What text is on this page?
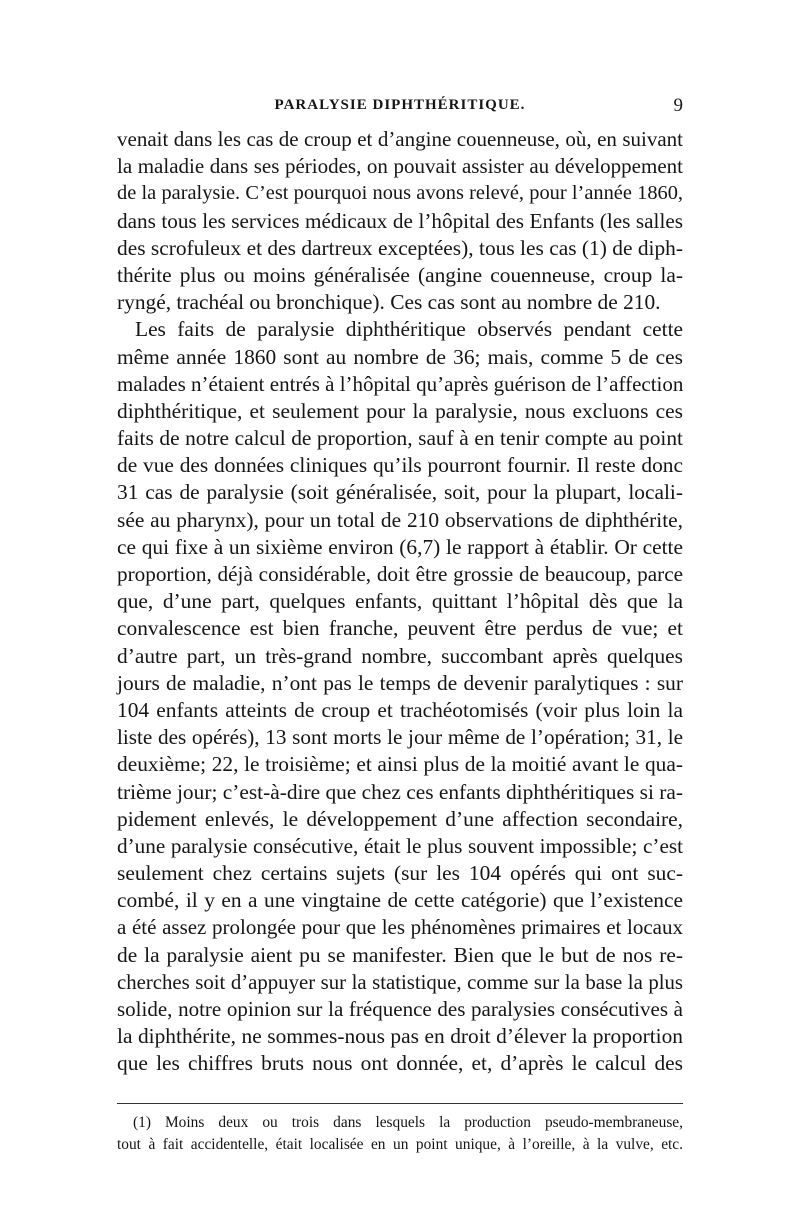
PARALYSIE DIPHTHÉRITIQUE.	9
venait dans les cas de croup et d’angine couenneuse, où, en suivant
la maladie dans ses périodes, on pouvait assister au développement
de la paralysie. C’est pourquoi nous avons relevé, pour l’année 1860,
dans tous les services médicaux de l’hôpital des Enfants (les salles
des scrofuleux et des dartreux exceptées), tous les cas (1) de diph-
thérite plus ou moins généralisée (angine couenneuse, croup la-
ryngé, trachéal ou bronchique). Ces cas sont au nombre de 210.
Les faits de paralysie diphthéritique observés pendant cette
même année 1860 sont au nombre de 36; mais, comme 5 de ces
malades n’étaient entrés à l’hôpital qu’après guérison de l’affection
diphthéritique, et seulement pour la paralysie, nous excluons ces
faits de notre calcul de proportion, sauf à en tenir compte au point
de vue des données cliniques qu’ils pourront fournir. Il reste donc
31 cas de paralysie (soit généralisée, soit, pour la plupart, locali-
sée au pharynx), pour un total de 210 observations de diphthérite,
ce qui fixe à un sixième environ (6,7) le rapport à établir. Or cette
proportion, déjà considérable, doit être grossie de beaucoup, parce
que, d’une part, quelques enfants, quittant l’hôpital dès que la
convalescence est bien franche, peuvent être perdus de vue; et
d’autre part, un très-grand nombre, succombant après quelques
jours de maladie, n’ont pas le temps de devenir paralytiques : sur
104 enfants atteints de croup et trachéotomisés (voir plus loin la
liste des opérés), 13 sont morts le jour même de l’opération; 31, le
deuxième; 22, le troisième; et ainsi plus de la moitié avant le qua-
trième jour; c’est-à-dire que chez ces enfants diphthéritiques si ra-
pidement enlevés, le développement d’une affection secondaire,
d’une paralysie consécutive, était le plus souvent impossible; c’est
seulement chez certains sujets (sur les 104 opérés qui ont suc-
combé, il y en a une vingtaine de cette catégorie) que l’existence
a été assez prolongée pour que les phénomènes primaires et locaux
de la paralysie aient pu se manifester. Bien que le but de nos re-
cherches soit d’appuyer sur la statistique, comme sur la base la plus
solide, notre opinion sur la fréquence des paralysies consécutives à
la diphthérite, ne sommes-nous pas en droit d’élever la proportion
que les chiffres bruts nous ont donnée, et, d’après le calcul des
(1) Moins deux ou trois dans lesquels la production pseudo-membraneuse,
tout à fait accidentelle, était localisée en un point unique, à l’oreille, à la vulve, etc.
